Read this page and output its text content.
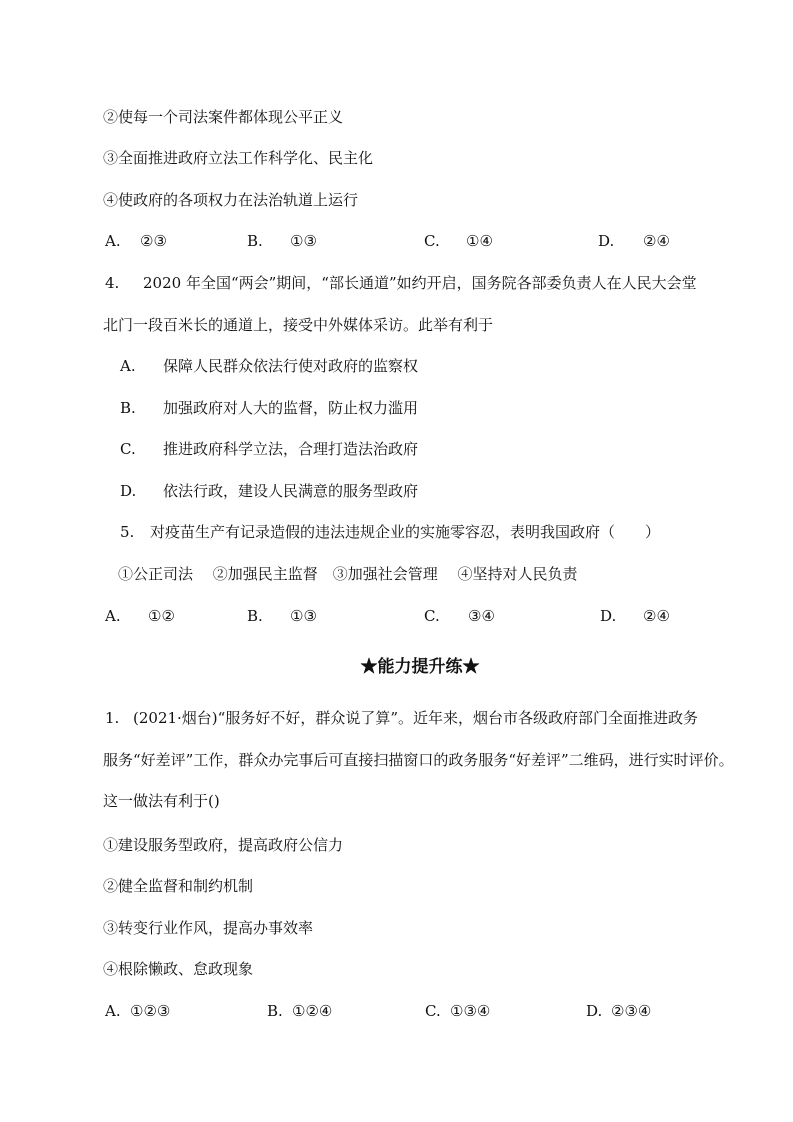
②使每一个司法案件都体现公平正义
③全面推进政府立法工作科学化、民主化
④使政府的各项权力在法治轨道上运行
A. ②③	B. ①③	C. ①④	D. ②④
4. 2020 年全国“两会”期间，“部长通道”如约开启，国务院各部委负责人在人民大会堂
北门一段百米长的通道上，接受中外媒体采访。此举有利于
A. 保障人民群众依法行使对政府的监察权
B. 加强政府对人大的监督，防止权力滥用
C. 推进政府科学立法，合理打造法治政府
D. 依法行政，建设人民满意的服务型政府
5. 对疫苗生产有记录造假的违法违规企业的实施零容忍，表明我国政府（　　）
①公正司法　 ②加强民主监督　③加强社会管理　 ④坚持对人民负责
A. ①②	B. ①③	C. ③④	D. ②④
★能力提升练★
1. (2021·烟台)“服务好不好，群众说了算”。近年来，烟台市各级政府部门全面推进政务
服务“好差评”工作，群众办完事后可直接扫描窗口的政务服务“好差评”二维码，进行实时评价。
这一做法有利于()
①建设服务型政府，提高政府公信力
②健全监督和制约机制
③转变行业作风，提高办事效率
④根除懒政、怠政现象
A. ①②③	B. ①②④	C. ①③④	D. ②③④
